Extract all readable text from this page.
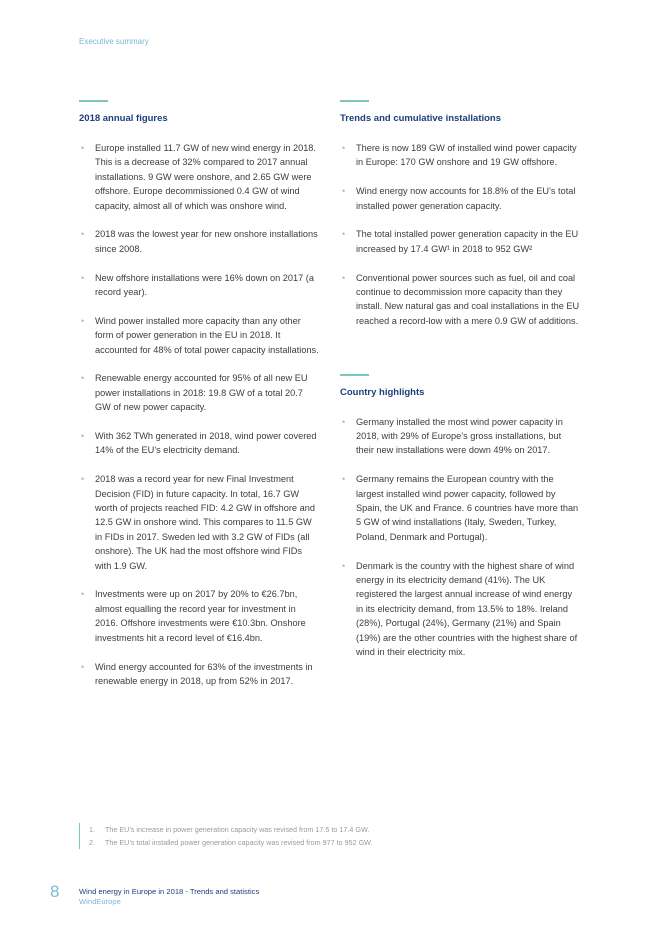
Executive summary
2018 annual figures
• Europe installed 11.7 GW of new wind energy in 2018. This is a decrease of 32% compared to 2017 annual installations. 9 GW were onshore, and 2.65 GW were offshore. Europe decommissioned 0.4 GW of wind capacity, almost all of which was onshore wind.
• 2018 was the lowest year for new onshore installations since 2008.
• New offshore installations were 16% down on 2017 (a record year).
• Wind power installed more capacity than any other form of power generation in the EU in 2018. It accounted for 48% of total power capacity installations.
• Renewable energy accounted for 95% of all new EU power installations in 2018: 19.8 GW of a total 20.7 GW of new power capacity.
• With 362 TWh generated in 2018, wind power covered 14% of the EU’s electricity demand.
• 2018 was a record year for new Final Investment Decision (FID) in future capacity. In total, 16.7 GW worth of projects reached FID: 4.2 GW in offshore and 12.5 GW in onshore wind. This compares to 11.5 GW in FIDs in 2017. Sweden led with 3.2 GW of FIDs (all onshore). The UK had the most offshore wind FIDs with 1.9 GW.
• Investments were up on 2017 by 20% to €26.7bn, almost equalling the record year for investment in 2016. Offshore investments were €10.3bn. Onshore investments hit a record level of €16.4bn.
• Wind energy accounted for 63% of the investments in renewable energy in 2018, up from 52% in 2017.
Trends and cumulative installations
• There is now 189 GW of installed wind power capacity in Europe: 170 GW onshore and 19 GW offshore.
• Wind energy now accounts for 18.8% of the EU’s total installed power generation capacity.
• The total installed power generation capacity in the EU increased by 17.4 GW¹ in 2018 to 952 GW²
• Conventional power sources such as fuel, oil and coal continue to decommission more capacity than they install. New natural gas and coal installations in the EU reached a record-low with a mere 0.9 GW of additions.
Country highlights
• Germany installed the most wind power capacity in 2018, with 29% of Europe’s gross installations, but their new installations were down 49% on 2017.
• Germany remains the European country with the largest installed wind power capacity, followed by Spain, the UK and France. 6 countries have more than 5 GW of wind installations (Italy, Sweden, Turkey, Poland, Denmark and Portugal).
• Denmark is the country with the highest share of wind energy in its electricity demand (41%). The UK registered the largest annual increase of wind energy in its electricity demand, from 13.5% to 18%. Ireland (28%), Portugal (24%), Germany (21%) and Spain (19%) are the other countries with the highest share of wind in their electricity mix.
1. The EU’s increase in power generation capacity was revised from 17.5 to 17.4 GW.
2. The EU’s total installed power generation capacity was revised from 977 to 952 GW.
8	Wind energy in Europe in 2018 - Trends and statistics
WindEurope
